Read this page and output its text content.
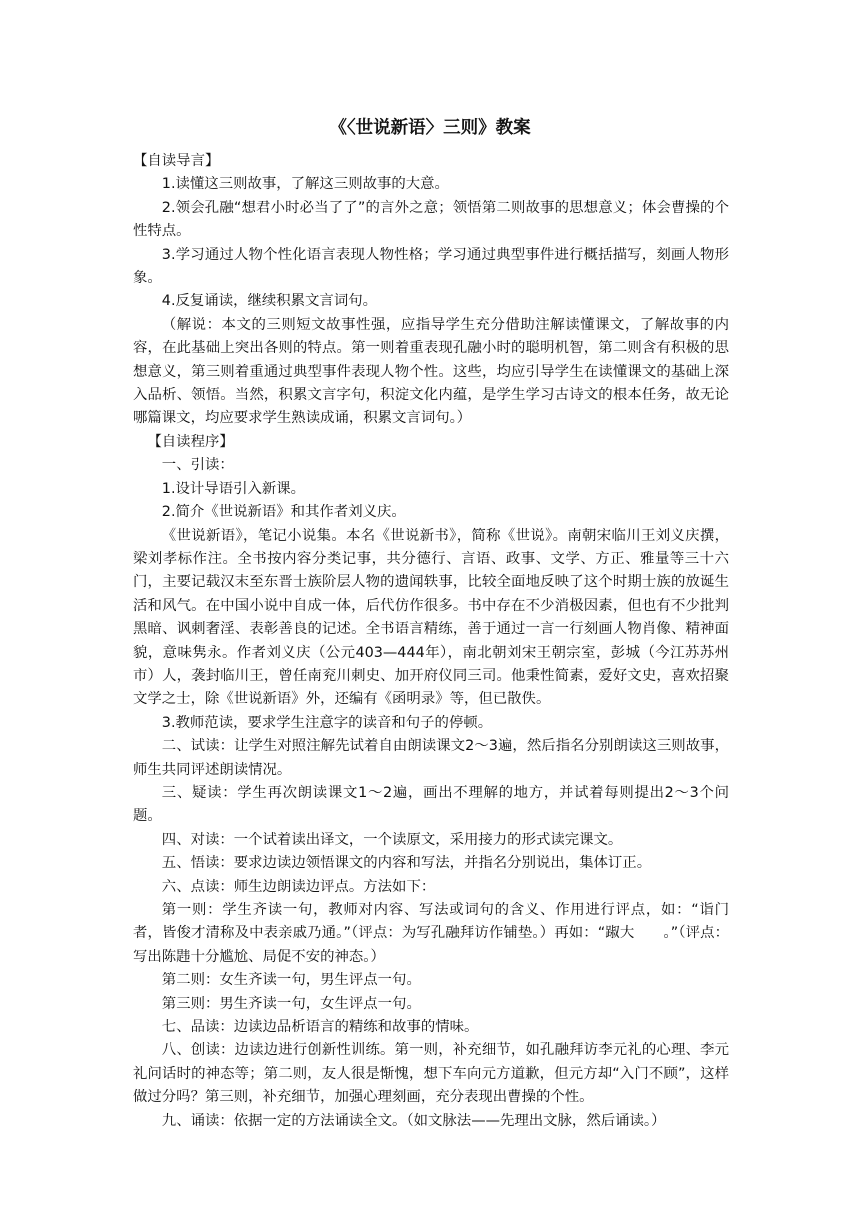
《〈世说新语〉三则》教案

【自读导言】

1.读懂这三则故事，了解这三则故事的大意。

2.领会孔融“想君小时必当了了”的言外之意；领悟第二则故事的思想意义；体会曹操的个性特点。

3.学习通过人物个性化语言表现人物性格；学习通过典型事件进行概括描写，刻画人物形象。

4.反复诵读，继续积累文言词句。

（解说：本文的三则短文故事性强，应指导学生充分借助注解读懂课文，了解故事的内容，在此基础上突出各则的特点。第一则着重表现孔融小时的聪明机智，第二则含有积极的思想意义，第三则着重通过典型事件表现人物个性。这些，均应引导学生在读懂课文的基础上深入品析、领悟。当然，积累文言字句，积淀文化内蕴，是学生学习古诗文的根本任务，故无论哪篇课文，均应要求学生熟读成诵，积累文言词句。）

【自读程序】

一、引读：

1.设计导语引入新课。

2.简介《世说新语》和其作者刘义庆。

《世说新语》，笔记小说集。本名《世说新书》，简称《世说》。南朝宋临川王刘义庆撰，梁刘孝标作注。全书按内容分类记事，共分德行、言语、政事、文学、方正、雅量等三十六门，主要记载汉末至东晋士族阶层人物的遗闻轶事，比较全面地反映了这个时期士族的放诞生活和风气。在中国小说中自成一体，后代仿作很多。书中存在不少消极因素，但也有不少批判黑暗、讽刺奢淫、表彰善良的记述。全书语言精练，善于通过一言一行刻画人物肖像、精神面貌，意味隽永。作者刘义庆（公元403—444年），南北朝刘宋王朝宗室，彭城（今江苏苏州市）人，袭封临川王，曾任南兖川刺史、加开府仪同三司。他秉性简素，爱好文史，喜欢招聚文学之士，除《世说新语》外，还编有《函明录》等，但已散佚。

3.教师范读，要求学生注意字的读音和句子的停顿。

二、试读：让学生对照注解先试着自由朗读课文2～3遍，然后指名分别朗读这三则故事，师生共同评述朗读情况。

三、疑读：学生再次朗读课文1～2遍，画出不理解的地方，并试着每则提出2～3个问题。

四、对读：一个试着读出译文，一个读原文，采用接力的形式读完课文。

五、悟读：要求边读边领悟课文的内容和写法，并指名分别说出，集体订正。

六、点读：师生边朗读边评点。方法如下：

第一则：学生齐读一句，教师对内容、写法或词句的含义、作用进行评点，如：“诣门者，皆俊才清称及中表亲戚乃通。”（评点：为写孔融拜访作铺垫。）再如：“踧大　　。”（评点：写出陈韪十分尴尬、局促不安的神态。）

第二则：女生齐读一句，男生评点一句。

第三则：男生齐读一句，女生评点一句。

七、品读：边读边品析语言的精练和故事的情味。

八、创读：边读边进行创新性训练。第一则，补充细节，如孔融拜访李元礼的心理、李元礼问话时的神态等；第二则，友人很是惭愧，想下车向元方道歉，但元方却“入门不顾”，这样做过分吗？第三则，补充细节，加强心理刻画，充分表现出曹操的个性。

九、诵读：依据一定的方法诵读全文。（如文脉法——先理出文脉，然后诵读。）
